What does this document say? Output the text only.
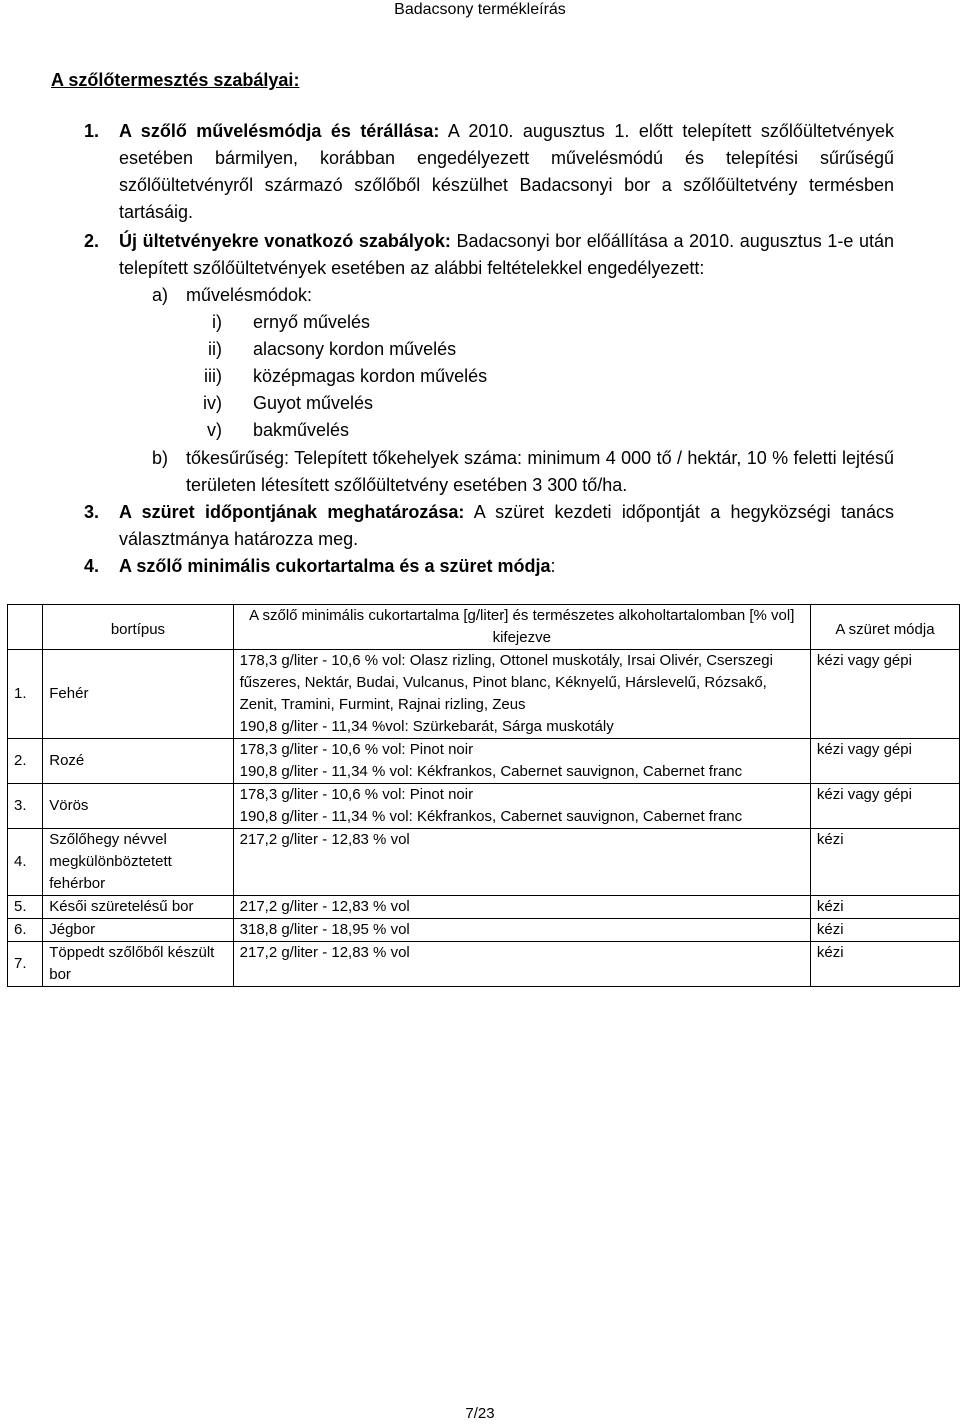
Badacsony termékleírás
A szőlőtermesztés szabályai:
1. A szőlő művelésmódja és térállása: A 2010. augusztus 1. előtt telepített szőlőültetvények esetében bármilyen, korábban engedélyezett művelésmódú és telepítési sűrűségű szőlőültetvényről származó szőlőből készülhet Badacsonyi bor a szőlőültetvény termésben tartásáig.
2. Új ültetvényekre vonatkozó szabályok: Badacsonyi bor előállítása a 2010. augusztus 1-e után telepített szőlőültetvények esetében az alábbi feltételekkel engedélyezett:
a) művelésmódok:
i) ernyő művelés
ii) alacsony kordon művelés
iii) középmagas kordon művelés
iv) Guyot művelés
v) bakművelés
b) tőkesűrűség: Telepített tőkehelyek száma: minimum 4 000 tő / hektár, 10 % feletti lejtésű területen létesített szőlőültetvény esetében 3 300 tő/ha.
3. A szüret időpontjának meghatározása: A szüret kezdeti időpontját a hegyközségi tanács választmánya határozza meg.
4. A szőlő minimális cukortartalma és a szüret módja:
	bortípus	A szőlő minimális cukortartalma [g/liter] és természetes alkoholtartalomban [% vol] kifejezve	A szüret módja
1.	Fehér	178,3 g/liter - 10,6 % vol: Olasz rizling, Ottonel muskotály, Irsai Olivér, Cserszegi fűszeres, Nektár, Budai, Vulcanus, Pinot blanc, Kéknyelű, Hárslevelű, Rózsakő, Zenit, Tramini, Furmint, Rajnai rizling, Zeus
190,8 g/liter - 11,34 %vol: Szürkebarát, Sárga muskotály	kézi vagy gépi
2.	Rozé	178,3 g/liter - 10,6 % vol: Pinot noir
190,8 g/liter - 11,34 % vol: Kékfrankos, Cabernet sauvignon, Cabernet franc	kézi vagy gépi
3.	Vörös	178,3 g/liter - 10,6 % vol: Pinot noir
190,8 g/liter - 11,34 % vol: Kékfrankos, Cabernet sauvignon, Cabernet franc	kézi vagy gépi
4.	Szőlőhegy névvel megkülönböztetett fehérbor	217,2 g/liter - 12,83 % vol	kézi
5.	Késői szüretelésű bor	217,2 g/liter - 12,83 % vol	kézi
6.	Jégbor	318,8 g/liter - 18,95 % vol	kézi
7.	Töppedt szőlőből készült bor	217,2 g/liter - 12,83 % vol	kézi
7/23
